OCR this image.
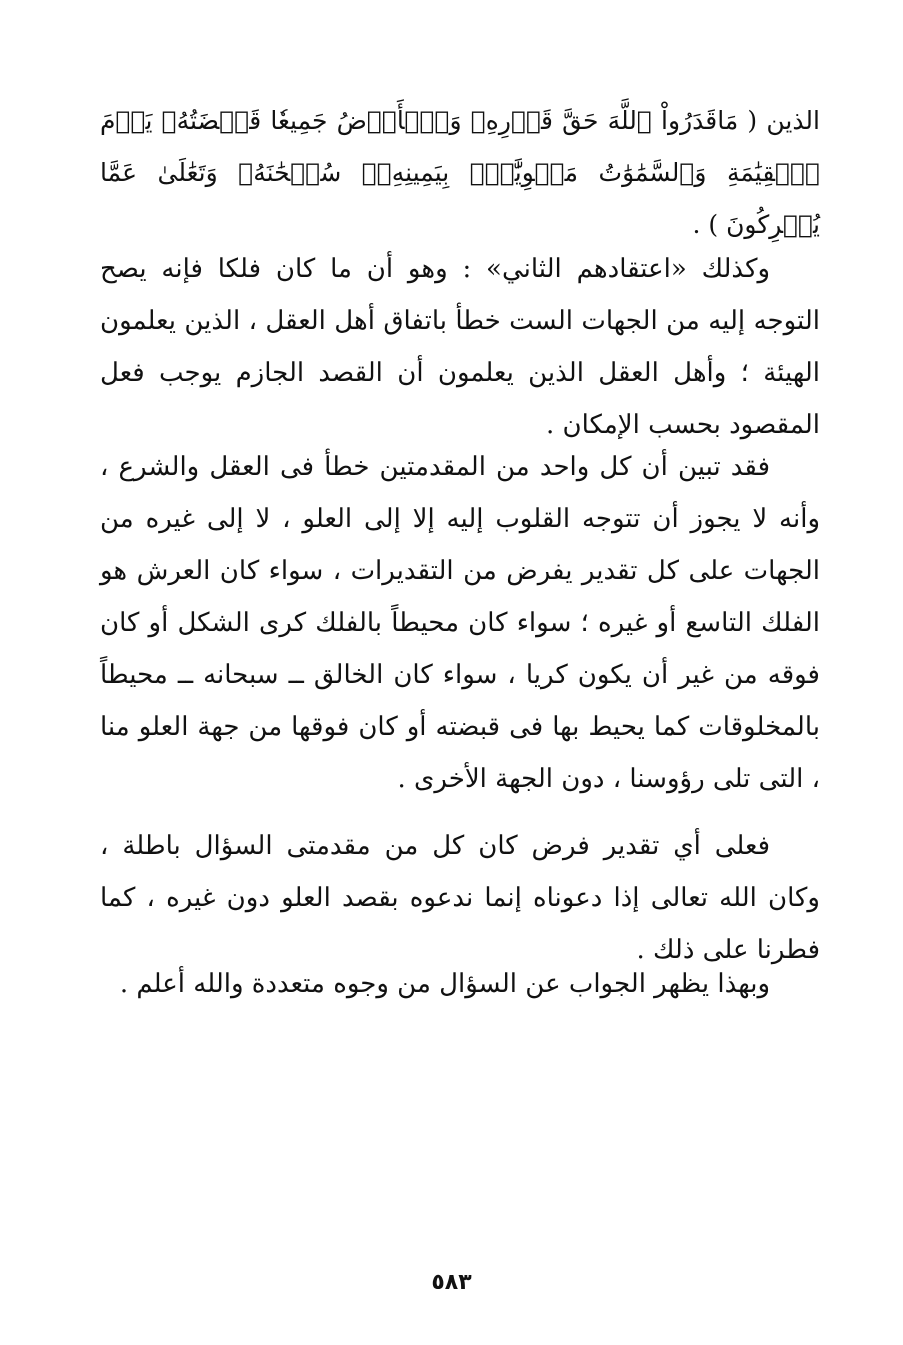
الذين ( مَاقَدَرُواْ ٱللَّهَ حَقَّ قَدۡرِهِۦ وَٱلۡأَرۡضُ جَمِيعٗا قَبۡضَتُهُۥ يَوۡمَ ٱلۡقِيَٰمَةِ وَٱلسَّمَٰوَٰتُ مَطۡوِيَّٰتُۢ بِيَمِينِهِۦۚ سُبۡحَٰنَهُۥ وَتَعَٰلَىٰ عَمَّا يُشۡرِكُونَ ) .
وكذلك «اعتقادهم الثاني» : وهو أن ما كان فلكا فإنه يصح التوجه إليه من الجهات الست خطأ باتفاق أهل العقل ، الذين يعلمون الهيئة ؛ وأهل العقل الذين يعلمون أن القصد الجازم يوجب فعل المقصود بحسب الإمكان .
فقد تبين أن كل واحد من المقدمتين خطأ فى العقل والشرع ، وأنه لا يجوز أن تتوجه القلوب إليه إلا إلى العلو ، لا إلى غيره من الجهات على كل تقدير يفرض من التقديرات ، سواء كان العرش هو الفلك التاسع أو غيره ؛ سواء كان محيطاً بالفلك كرى الشكل أو كان فوقه من غير أن يكون كريا ، سواء كان الخالق ــ سبحانه ــ محيطاً بالمخلوقات كما يحيط بها فى قبضته أو كان فوقها من جهة العلو منا ، التى تلى رؤوسنا ، دون الجهة الأخرى .
فعلى أي تقدير فرض كان كل من مقدمتى السؤال باطلة ، وكان الله تعالى إذا دعوناه إنما ندعوه بقصد العلو دون غيره ، كما فطرنا على ذلك .
وبهذا يظهر الجواب عن السؤال من وجوه متعددة والله أعلم .
٥٨٣
